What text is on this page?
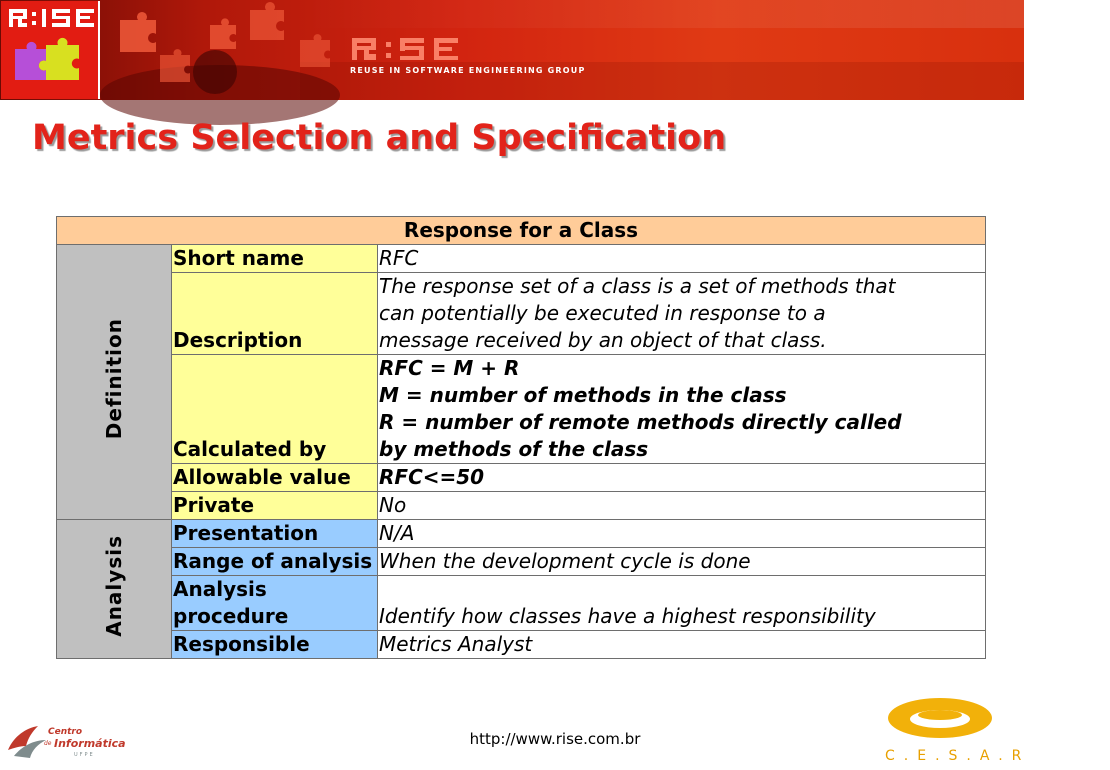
REUSE IN SOFTWARE ENGINEERING GROUP
Metrics Selection and Specification
Response for a Class		
Definition	Short name	RFC

	Description	The response set of a class is a set of methods that
can potentially be executed in response to a
message received by an object of that class.

	Calculated by	RFC = M + R
M = number of methods in the class
R = number of remote methods directly called
by methods of the class

	Allowable value	RFC<=50

	Private	No

Analysis	Presentation	N/A

	Range of analysis	When the development cycle is done

	Analysis procedure	Identify how classes have a highest responsibility

	Responsible	Metrics Analyst
Centro
de Informática
UFPE
http://www.rise.com.br
C.E.S.A.R
